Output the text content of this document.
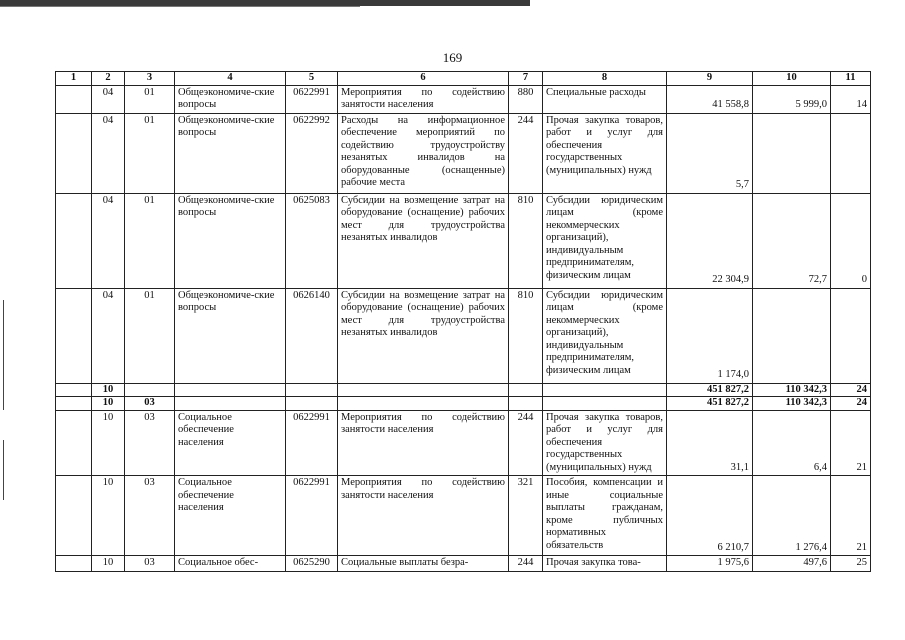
169
1	2	3	4	5	6	7	8	9	10	11
	04	01	Общеэкономиче-ские вопросы	0622991	Мероприятия по содействию занятости населения	880	Специальные расходы	41 558,8	5 999,0	14
	04	01	Общеэкономиче-ские вопросы	0622992	Расходы на информационное обеспечение мероприятий по содействию трудоустройству незанятых инвалидов на оборудованные (оснащенные) рабочие места	244	Прочая закупка товаров, работ и услуг для обеспечения государственных (муниципальных) нужд	5,7		
	04	01	Общеэкономиче-ские вопросы	0625083	Субсидии на возмещение затрат на оборудование (оснащение) рабочих мест для трудоустройства незанятых инвалидов	810	Субсидии юридическим лицам (кроме некоммерческих организаций), индивидуальным предпринимателям, физическим лицам	22 304,9	72,7	0
	04	01	Общеэкономиче-ские вопросы	0626140	Субсидии на возмещение затрат на оборудование (оснащение) рабочих мест для трудоустройства незанятых инвалидов	810	Субсидии юридическим лицам (кроме некоммерческих организаций), индивидуальным предпринимателям, физическим лицам	1 174,0		
	10							451 827,2	110 342,3	24
	10	03						451 827,2	110 342,3	24
	10	03	Социальное обеспечение населения	0622991	Мероприятия по содействию занятости населения	244	Прочая закупка товаров, работ и услуг для обеспечения государственных (муниципальных) нужд	31,1	6,4	21
	10	03	Социальное обеспечение населения	0622991	Мероприятия по содействию занятости населения	321	Пособия, компенсации и иные социальные выплаты гражданам, кроме публичных нормативных обязательств	6 210,7	1 276,4	21
	10	03	Социальное обес-	0625290	Социальные выплаты безра-	244	Прочая закупка това-	1 975,6	497,6	25
